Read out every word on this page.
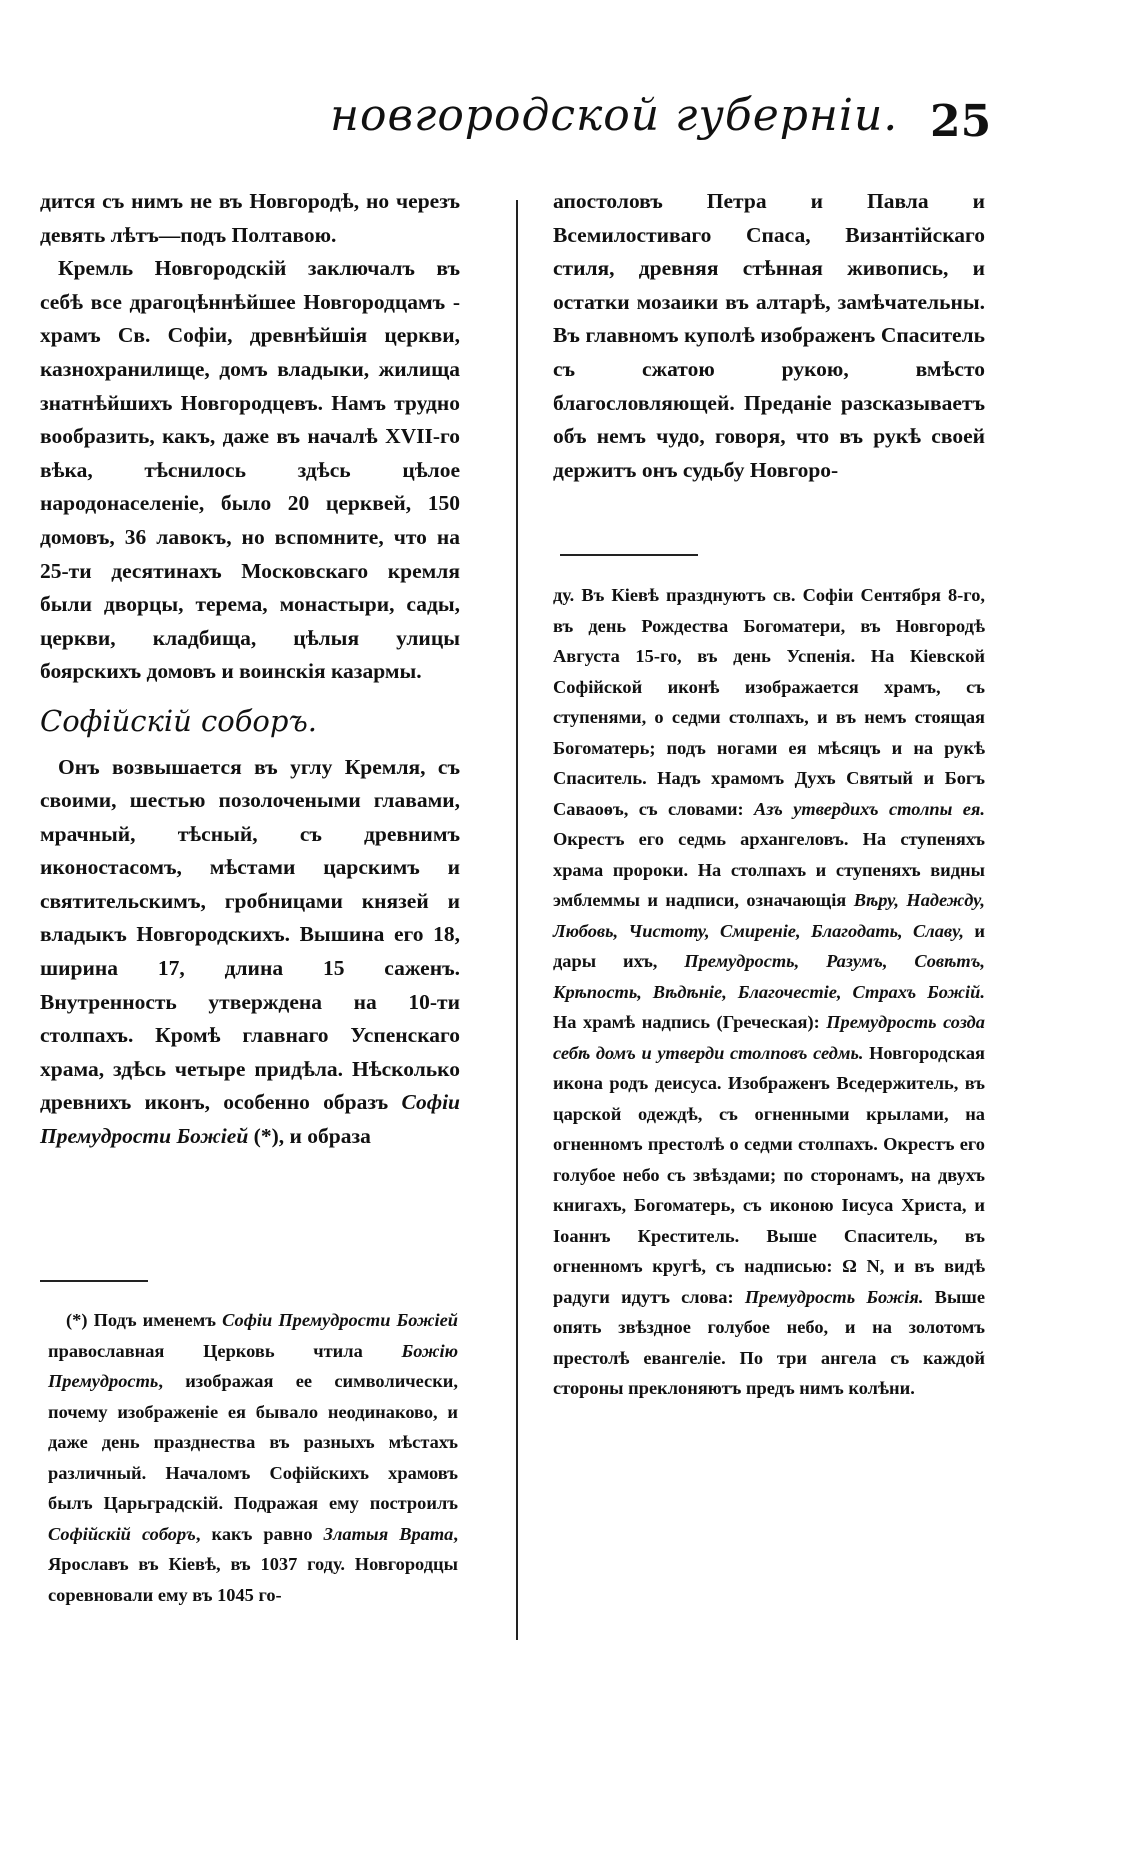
новгородской губерніи. 25

дится съ нимъ не въ Новгородѣ, но черезъ девять лѣтъ—подъ Полтавою.

Кремль Новгородскій заключалъ въ себѣ все драгоцѣннѣйшее Новгородцамъ - храмъ Св. Софіи, древнѣйшія церкви, казнохранилище, домъ владыки, жилища знатнѣйшихъ Новгородцевъ. Намъ трудно вообразить, какъ, даже въ началѣ XVII-го вѣка, тѣснилось здѣсь цѣлое народонаселеніе, было 20 церквей, 150 домовъ, 36 лавокъ, но вспомните, что на 25-ти десятинахъ Московскаго кремля были дворцы, терема, монастыри, сады, церкви, кладбища, цѣлыя улицы боярскихъ домовъ и воинскія казармы.

Софійскій соборъ.

Онъ возвышается въ углу Кремля, съ своими, шестью позолочеными главами, мрачный, тѣсный, съ древнимъ иконостасомъ, мѣстами царскимъ и святительскимъ, гробницами князей и владыкъ Новгородскихъ. Вышина его 18, ширина 17, длина 15 саженъ. Внутренность утверждена на 10-ти столпахъ. Кромѣ главнаго Успенскаго храма, здѣсь четыре придѣла. Нѣсколько древнихъ иконъ, особенно образъ Софіи Премудрости Божіей (*), и образа

(*) Подъ именемъ Софіи Премудрости Божіей православная Церковь чтила Божію Премудрость, изображая ее символически, почему изображеніе ея бывало неодинаково, и даже день празднества въ разныхъ мѣстахъ различный. Началомъ Софійскихъ храмовъ былъ Царьградскій. Подражая ему построилъ Софійскій соборъ, какъ равно Златыя Врата, Ярославъ въ Кіевѣ, въ 1037 году. Новгородцы соревновали ему въ 1045 го-

апостоловъ Петра и Павла и Всемилостиваго Спаса, Византійскаго стиля, древняя стѣнная живопись, и остатки мозаики въ алтарѣ, замѣчательны. Въ главномъ куполѣ изображенъ Спаситель съ сжатою рукою, вмѣсто благословляющей. Преданіе разсказываетъ объ немъ чудо, говоря, что въ рукѣ своей держитъ онъ судьбу Новгоро-

ду. Въ Кіевѣ празднуютъ св. Софіи Сентября 8-го, въ день Рождества Богоматери, въ Новгородѣ Августа 15-го, въ день Успенія. На Кіевской Софійской иконѣ изображается храмъ, съ ступенями, о седми столпахъ, и въ немъ стоящая Богоматерь; подъ ногами ея мѣсяцъ и на рукѣ Спаситель. Надъ храмомъ Духъ Святый и Богъ Саваоѳъ, съ словами: Азъ утвердихъ столпы ея. Окрестъ его седмь архангеловъ. На ступеняхъ храма пророки. На столпахъ и ступеняхъ видны эмблеммы и надписи, означающія Вѣру, Надежду, Любовь, Чистоту, Смиреніе, Благодать, Славу, и дары ихъ, Премудрость, Разумъ, Совѣтъ, Крѣпость, Вѣдѣніе, Благочестіе, Страхъ Божій. На храмѣ надпись (Греческая): Премудрость созда себѣ домъ и утверди столповъ седмь. Новгородская икона родъ деисуса. Изображенъ Вседержитель, въ царской одеждѣ, съ огненными крылами, на огненномъ престолѣ о седми столпахъ. Окрестъ его голубое небо съ звѣздами; по сторонамъ, на двухъ книгахъ, Богоматерь, съ иконою Іисуса Христа, и Іоаннъ Креститель. Выше Спаситель, въ огненномъ кругѣ, съ надписью: Ω N, и въ видѣ радуги идутъ слова: Премудрость Божія. Выше опять звѣздное голубое небо, и на золотомъ престолѣ евангеліе. По три ангела съ каждой стороны преклоняютъ предъ нимъ колѣни.
